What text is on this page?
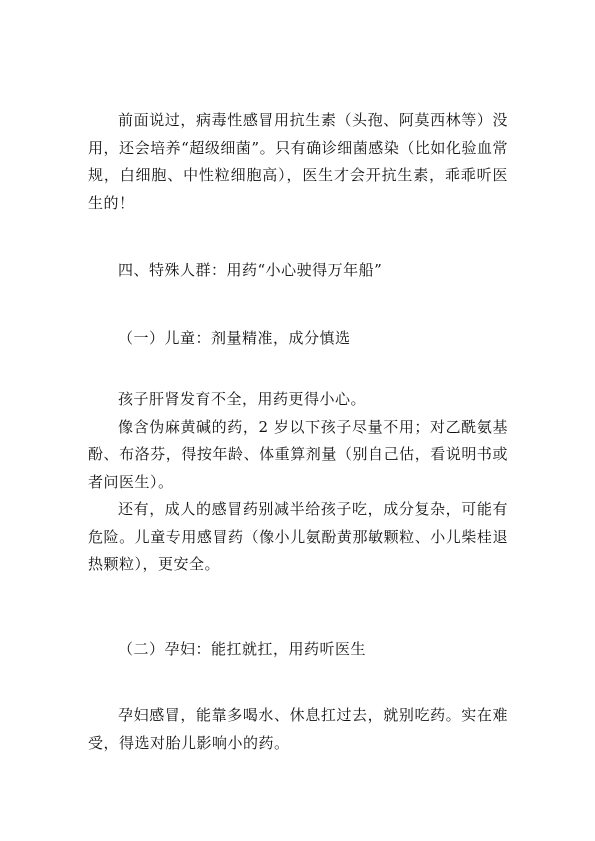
前面说过，病毒性感冒用抗生素（头孢、阿莫西林等）没用，还会培养“超级细菌”。只有确诊细菌感染（比如化验血常规，白细胞、中性粒细胞高），医生才会开抗生素，乖乖听医生的！

四、特殊人群：用药“小心驶得万年船”

（一）儿童：剂量精准，成分慎选

孩子肝肾发育不全，用药更得小心。

像含伪麻黄碱的药，2 岁以下孩子尽量不用；对乙酰氨基酚、布洛芬，得按年龄、体重算剂量（别自己估，看说明书或者问医生）。

还有，成人的感冒药别减半给孩子吃，成分复杂，可能有危险。儿童专用感冒药（像小儿氨酚黄那敏颗粒、小儿柴桂退热颗粒），更安全。

（二）孕妇：能扛就扛，用药听医生

孕妇感冒，能靠多喝水、休息扛过去，就别吃药。实在难受，得选对胎儿影响小的药。
